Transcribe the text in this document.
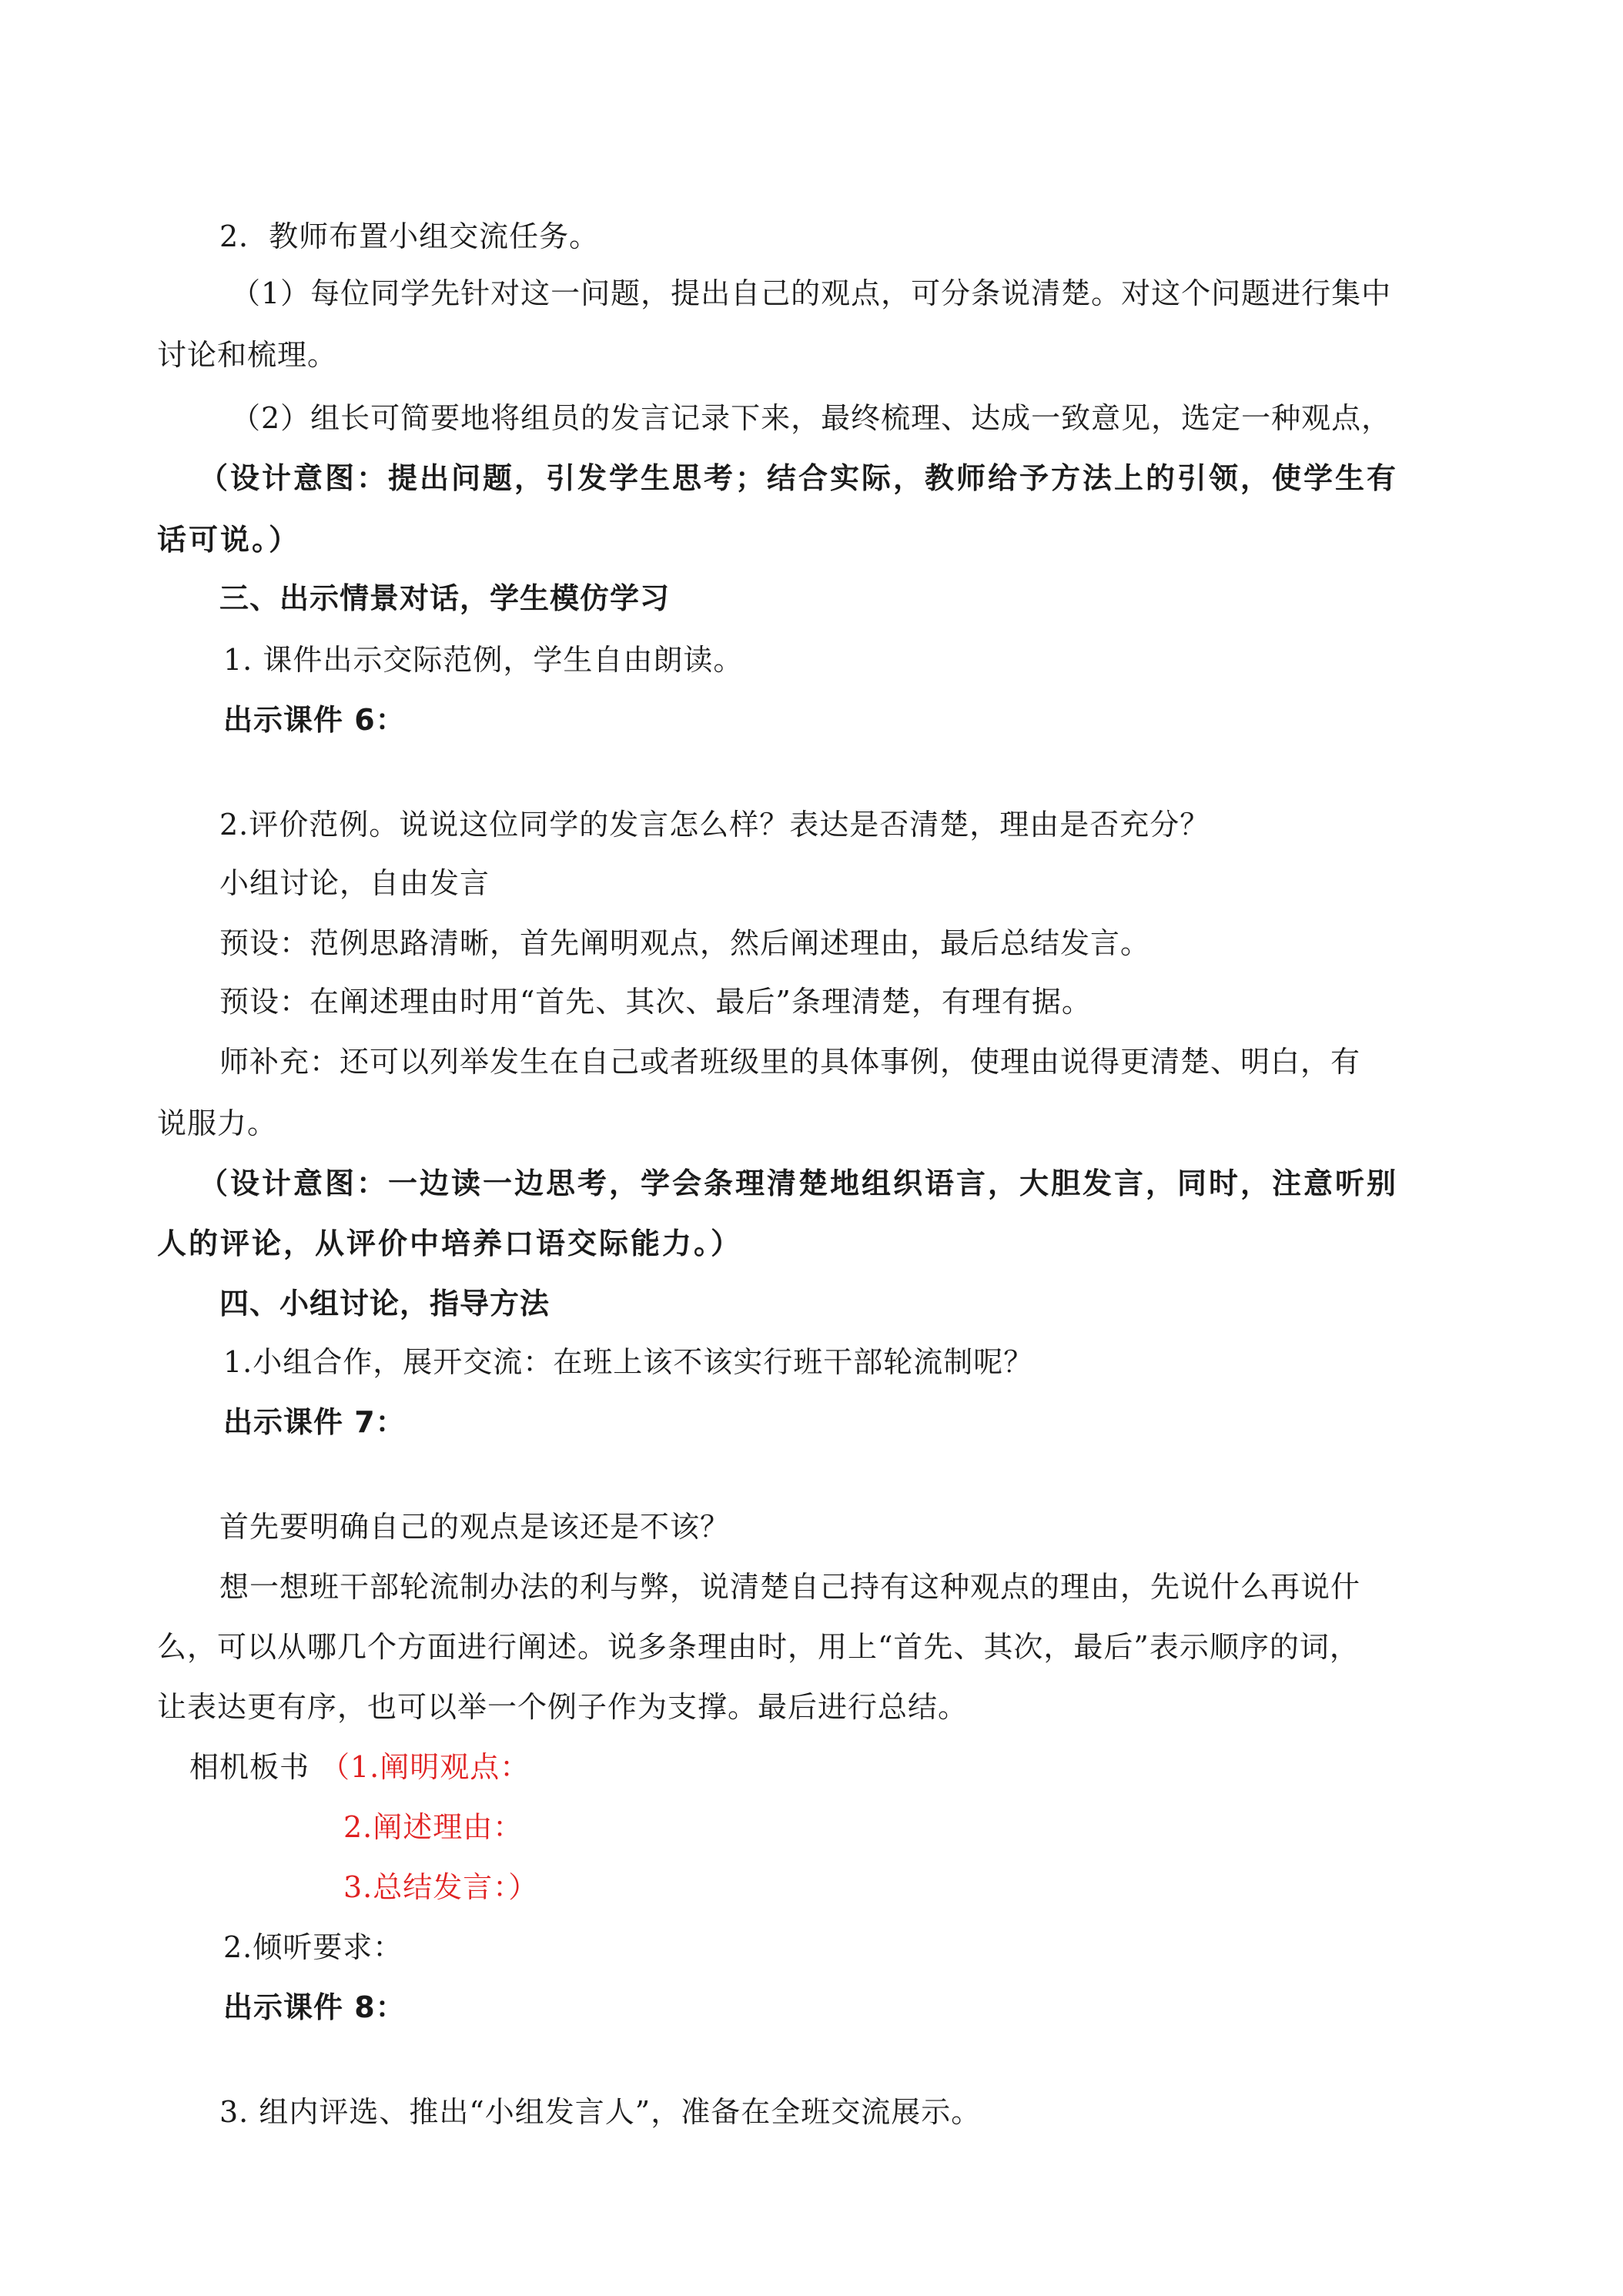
2．教师布置小组交流任务。
（1）每位同学先针对这一问题，提出自己的观点，可分条说清楚。对这个问题进行集中
讨论和梳理。
（2）组长可简要地将组员的发言记录下来，最终梳理、达成一致意见，选定一种观点，
（设计意图：提出问题，引发学生思考；结合实际，教师给予方法上的引领，使学生有
话可说。）
三、出示情景对话，学生模仿学习
1. 课件出示交际范例，学生自由朗读。
出示课件 6：
2.评价范例。说说这位同学的发言怎么样？表达是否清楚，理由是否充分？
小组讨论，自由发言
预设：范例思路清晰，首先阐明观点，然后阐述理由，最后总结发言。
预设：在阐述理由时用“首先、其次、最后”条理清楚，有理有据。
师补充：还可以列举发生在自己或者班级里的具体事例，使理由说得更清楚、明白，有
说服力。
（设计意图：一边读一边思考，学会条理清楚地组织语言，大胆发言，同时，注意听别
人的评论，从评价中培养口语交际能力。）
四、小组讨论，指导方法
1.小组合作，展开交流：在班上该不该实行班干部轮流制呢？
出示课件 7：
首先要明确自己的观点是该还是不该？
想一想班干部轮流制办法的利与弊，说清楚自己持有这种观点的理由，先说什么再说什
么，可以从哪几个方面进行阐述。说多条理由时，用上“首先、其次，最后”表示顺序的词，
让表达更有序，也可以举一个例子作为支撑。最后进行总结。
相机板书 （1.阐明观点：
2.阐述理由：
3.总结发言：）
2.倾听要求：
出示课件 8：
3. 组内评选、推出“小组发言人”，准备在全班交流展示。
